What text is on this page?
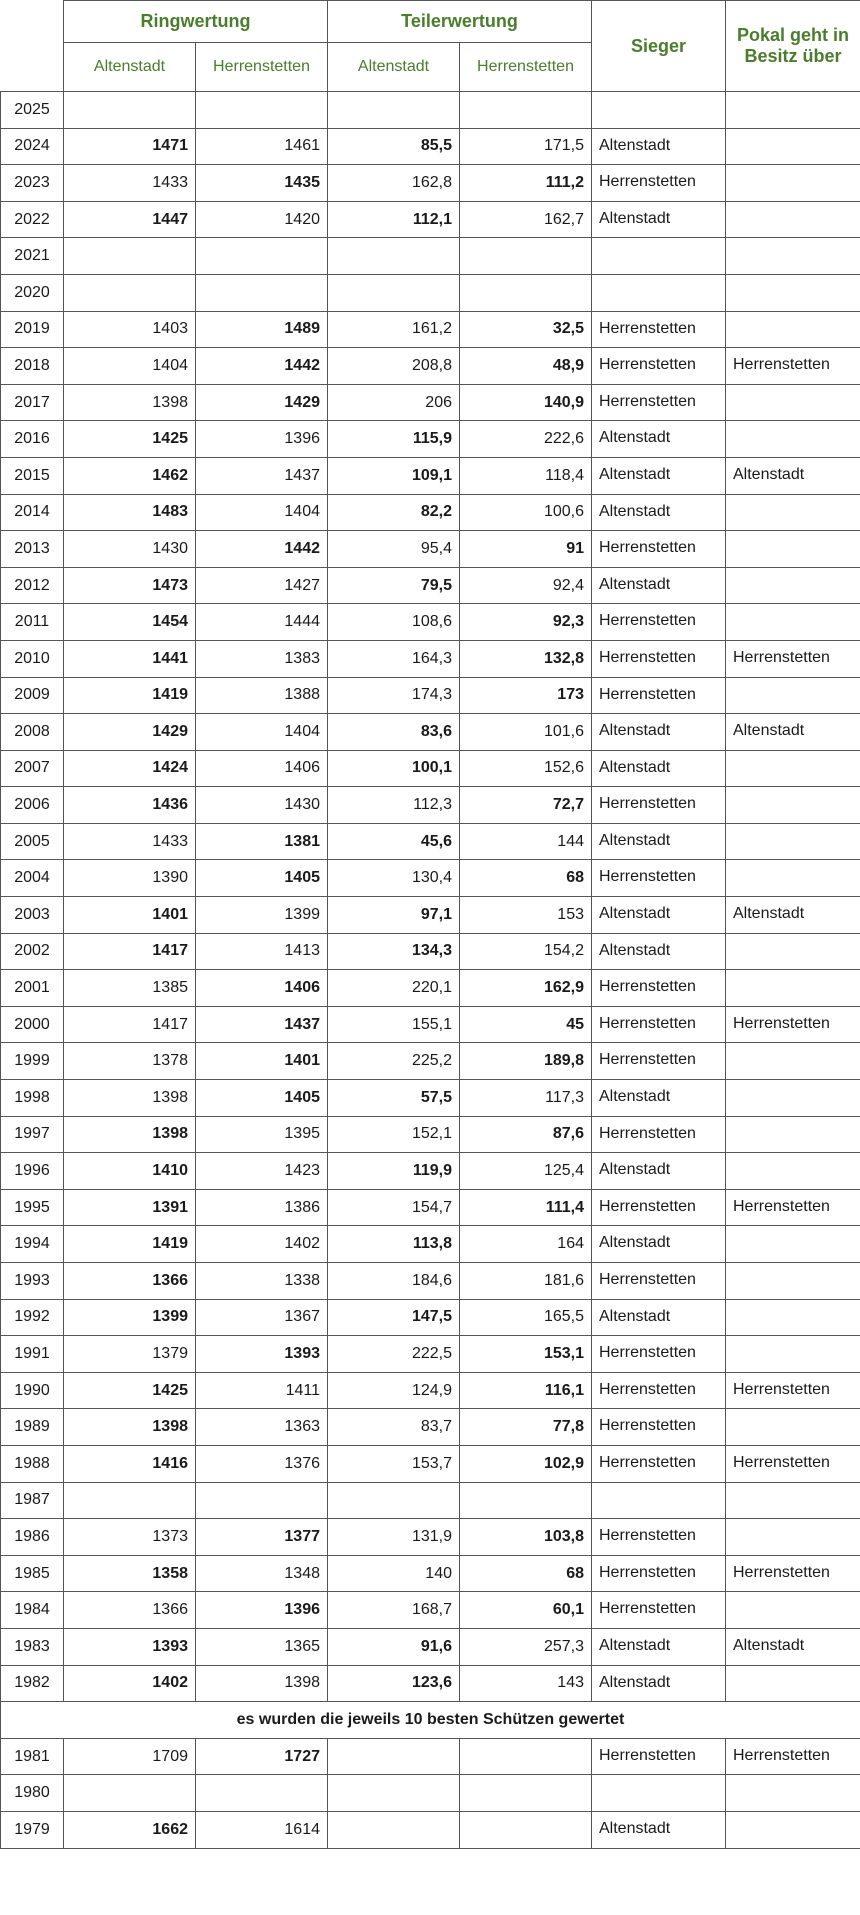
	Ringwertung		Teilerwertung		Sieger	Pokal geht in Besitz über
	Altenstadt	Herrenstetten	Altenstadt	Herrenstetten		
2025						
2024	1471	1461	85,5	171,5	Altenstadt	
2023	1433	1435	162,8	111,2	Herrenstetten	
2022	1447	1420	112,1	162,7	Altenstadt	
2021						
2020						
2019	1403	1489	161,2	32,5	Herrenstetten	
2018	1404	1442	208,8	48,9	Herrenstetten	Herrenstetten
2017	1398	1429	206	140,9	Herrenstetten	
2016	1425	1396	115,9	222,6	Altenstadt	
2015	1462	1437	109,1	118,4	Altenstadt	Altenstadt
2014	1483	1404	82,2	100,6	Altenstadt	
2013	1430	1442	95,4	91	Herrenstetten	
2012	1473	1427	79,5	92,4	Altenstadt	
2011	1454	1444	108,6	92,3	Herrenstetten	
2010	1441	1383	164,3	132,8	Herrenstetten	Herrenstetten
2009	1419	1388	174,3	173	Herrenstetten	
2008	1429	1404	83,6	101,6	Altenstadt	Altenstadt
2007	1424	1406	100,1	152,6	Altenstadt	
2006	1436	1430	112,3	72,7	Herrenstetten	
2005	1433	1381	45,6	144	Altenstadt	
2004	1390	1405	130,4	68	Herrenstetten	
2003	1401	1399	97,1	153	Altenstadt	Altenstadt
2002	1417	1413	134,3	154,2	Altenstadt	
2001	1385	1406	220,1	162,9	Herrenstetten	
2000	1417	1437	155,1	45	Herrenstetten	Herrenstetten
1999	1378	1401	225,2	189,8	Herrenstetten	
1998	1398	1405	57,5	117,3	Altenstadt	
1997	1398	1395	152,1	87,6	Herrenstetten	
1996	1410	1423	119,9	125,4	Altenstadt	
1995	1391	1386	154,7	111,4	Herrenstetten	Herrenstetten
1994	1419	1402	113,8	164	Altenstadt	
1993	1366	1338	184,6	181,6	Herrenstetten	
1992	1399	1367	147,5	165,5	Altenstadt	
1991	1379	1393	222,5	153,1	Herrenstetten	
1990	1425	1411	124,9	116,1	Herrenstetten	Herrenstetten
1989	1398	1363	83,7	77,8	Herrenstetten	
1988	1416	1376	153,7	102,9	Herrenstetten	Herrenstetten
1987						
1986	1373	1377	131,9	103,8	Herrenstetten	
1985	1358	1348	140	68	Herrenstetten	Herrenstetten
1984	1366	1396	168,7	60,1	Herrenstetten	
1983	1393	1365	91,6	257,3	Altenstadt	Altenstadt
1982	1402	1398	123,6	143	Altenstadt	
es wurden die jeweils 10 besten Schützen gewertet						
1981	1709	1727			Herrenstetten	Herrenstetten
1980						
1979	1662	1614			Altenstadt	
